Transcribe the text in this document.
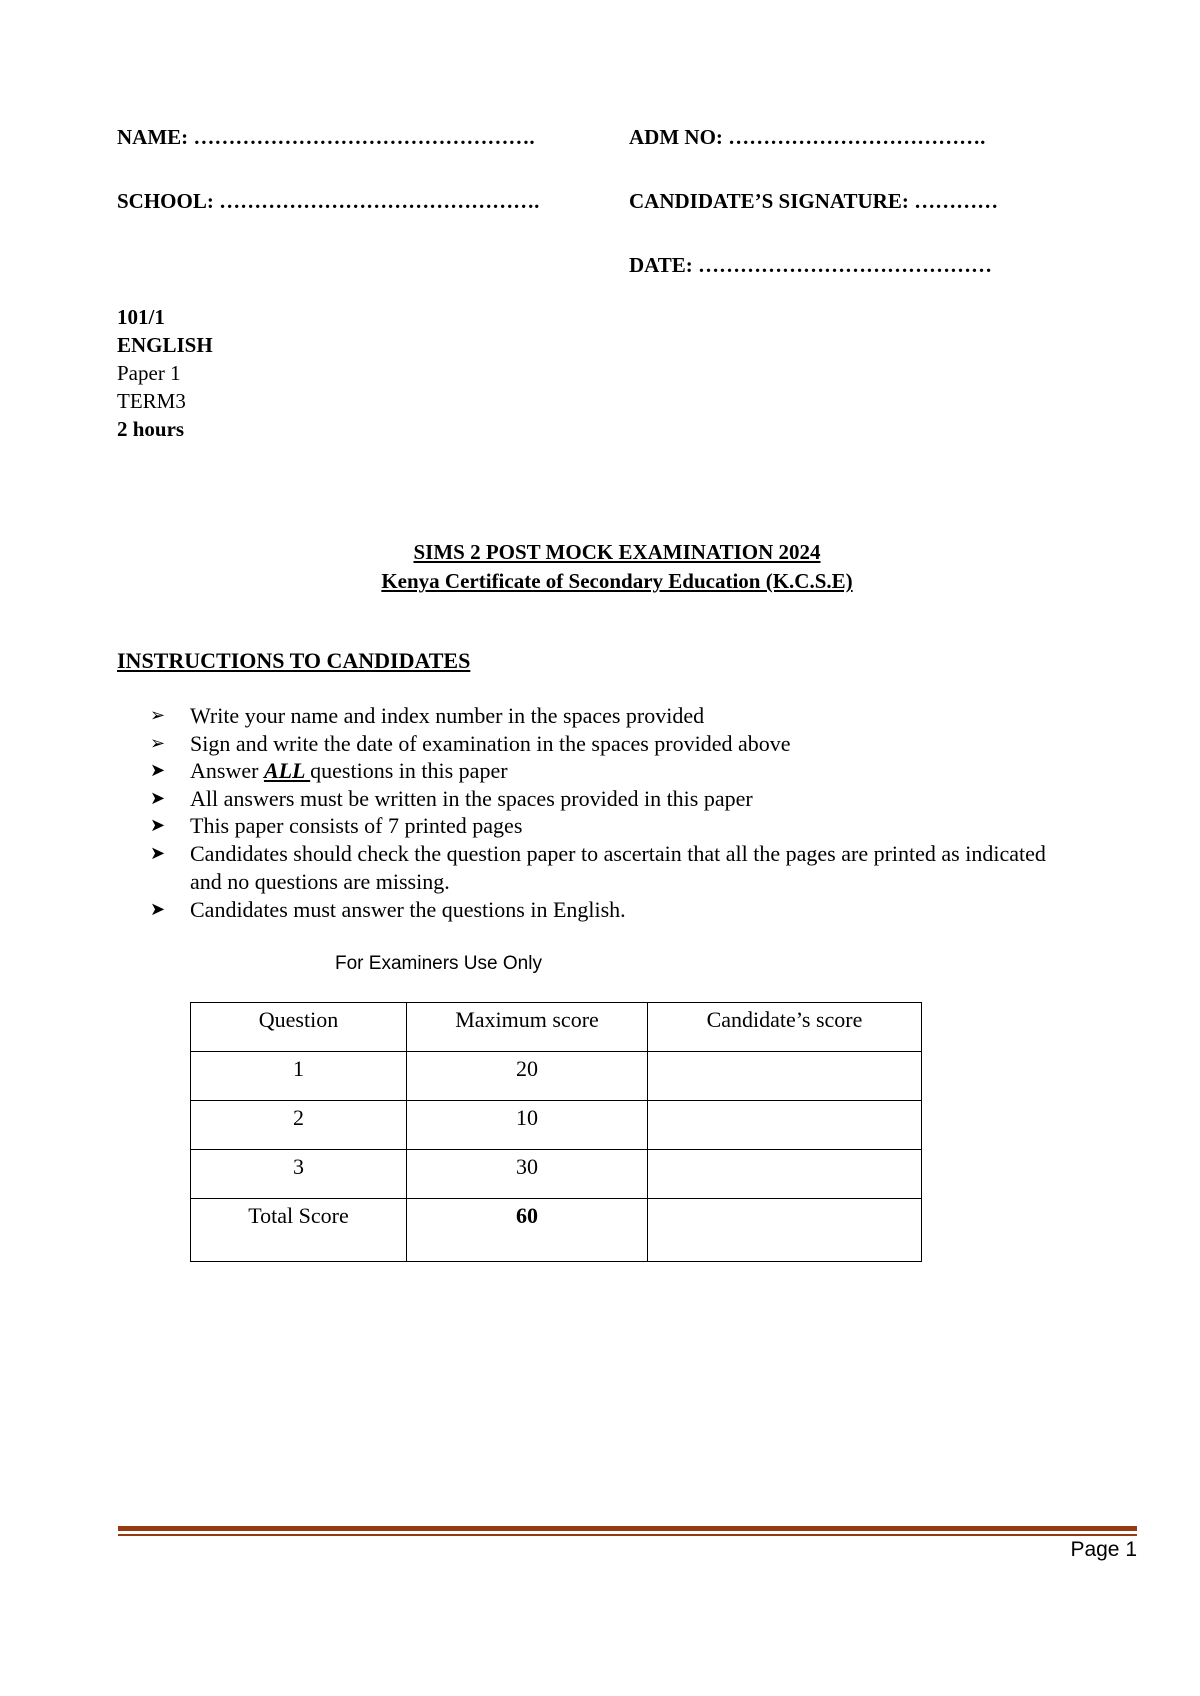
NAME: ………………………………………….	ADM NO: ……………………………….
SCHOOL: ……………………………………….	CANDIDATE’S SIGNATURE: …………
DATE: ……………………………………
101/1
ENGLISH
Paper 1
TERM3
2 hours
SIMS 2 POST MOCK EXAMINATION 2024
Kenya Certificate of Secondary Education (K.C.S.E)
INSTRUCTIONS TO CANDIDATES
➢	Write your name and index number in the spaces provided
➢	Sign and write the date of examination in the spaces provided above
➤	Answer ALL questions in this paper
➤	All answers must be written in the spaces provided in this paper
➤	This paper consists of 7 printed pages
➤	Candidates should check the question paper to ascertain that all the pages are printed as indicated and no questions are missing.
➤	Candidates must answer the questions in English.
For Examiners Use Only
Question	Maximum score	Candidate’s score
1	20	
2	10	
3	30	
Total Score	60	
Page 1
